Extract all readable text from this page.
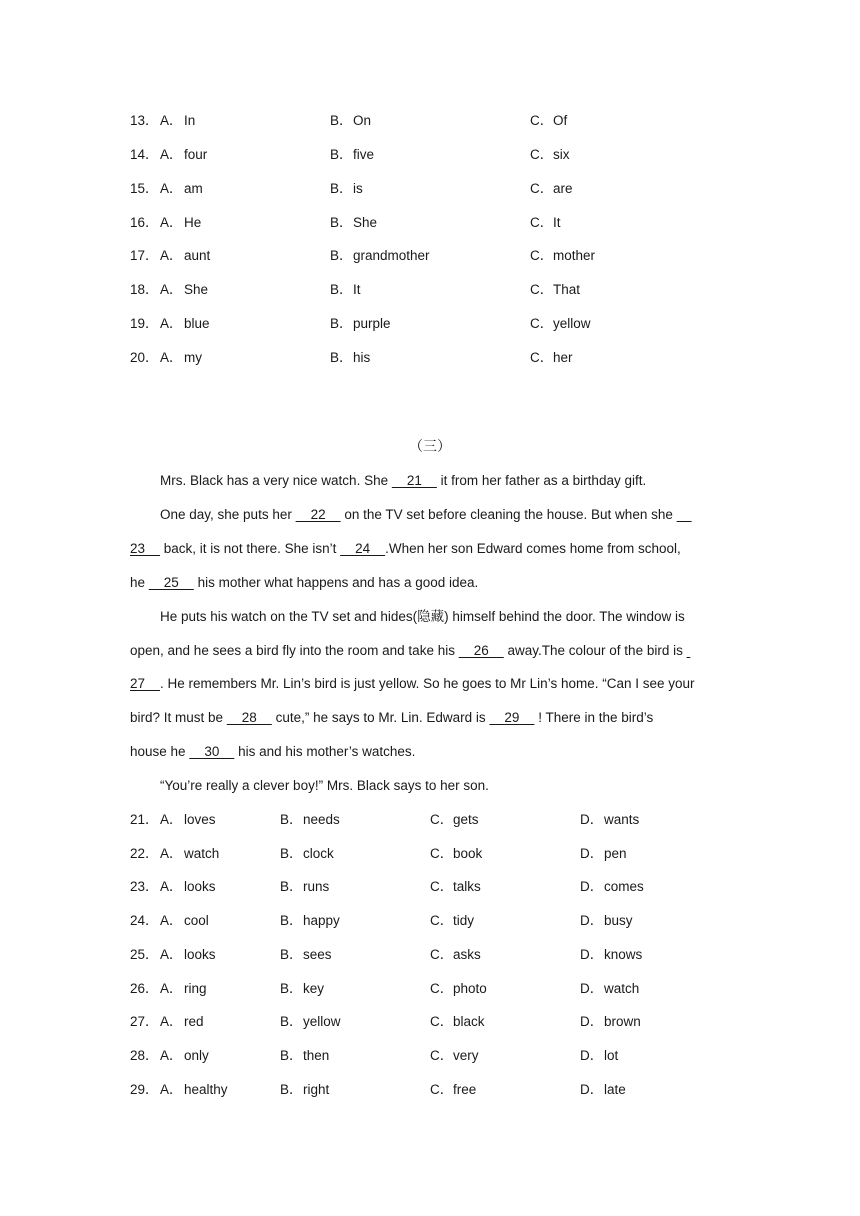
13． A． In	B． On	C． Of
14． A． four	B． five	C． six
15． A． am	B． is	C． are
16． A． He	B． She	C． It
17． A． aunt	B． grandmother	C． mother
18． A． She	B． It	C． That
19． A． blue	B． purple	C． yellow
20． A． my	B． his	C． her
（三）
Mrs. Black has a very nice watch. She     21     it from her father as a birthday gift.
One day, she puts her     22     on the TV set before cleaning the house. But when she
23     back, it is not there. She isn’t     24    .When her son Edward comes home from school,
he     25     his mother what happens and has a good idea.
He puts his watch on the TV set and hides(隐藏) himself behind the door. The window is
open, and he sees a bird fly into the room and take his     26     away.The colour of the bird is
27    . He remembers Mr. Lin’s bird is just yellow. So he goes to Mr Lin’s home. “Can I see your
bird? It must be     28     cute,” he says to Mr. Lin. Edward is     29     ! There in the bird’s
house he     30     his and his mother’s watches.
“You’re really a clever boy!” Mrs. Black says to her son.
21． A． loves	B． needs	C． gets	D． wants
22． A． watch	B． clock	C． book	D． pen
23． A． looks	B． runs	C． talks	D． comes
24． A． cool	B． happy	C． tidy	D． busy
25． A． looks	B． sees	C． asks	D． knows
26． A． ring	B． key	C． photo	D． watch
27． A． red	B． yellow	C． black	D． brown
28． A． only	B． then	C． very	D． lot
29． A． healthy	B． right	C． free	D． late
